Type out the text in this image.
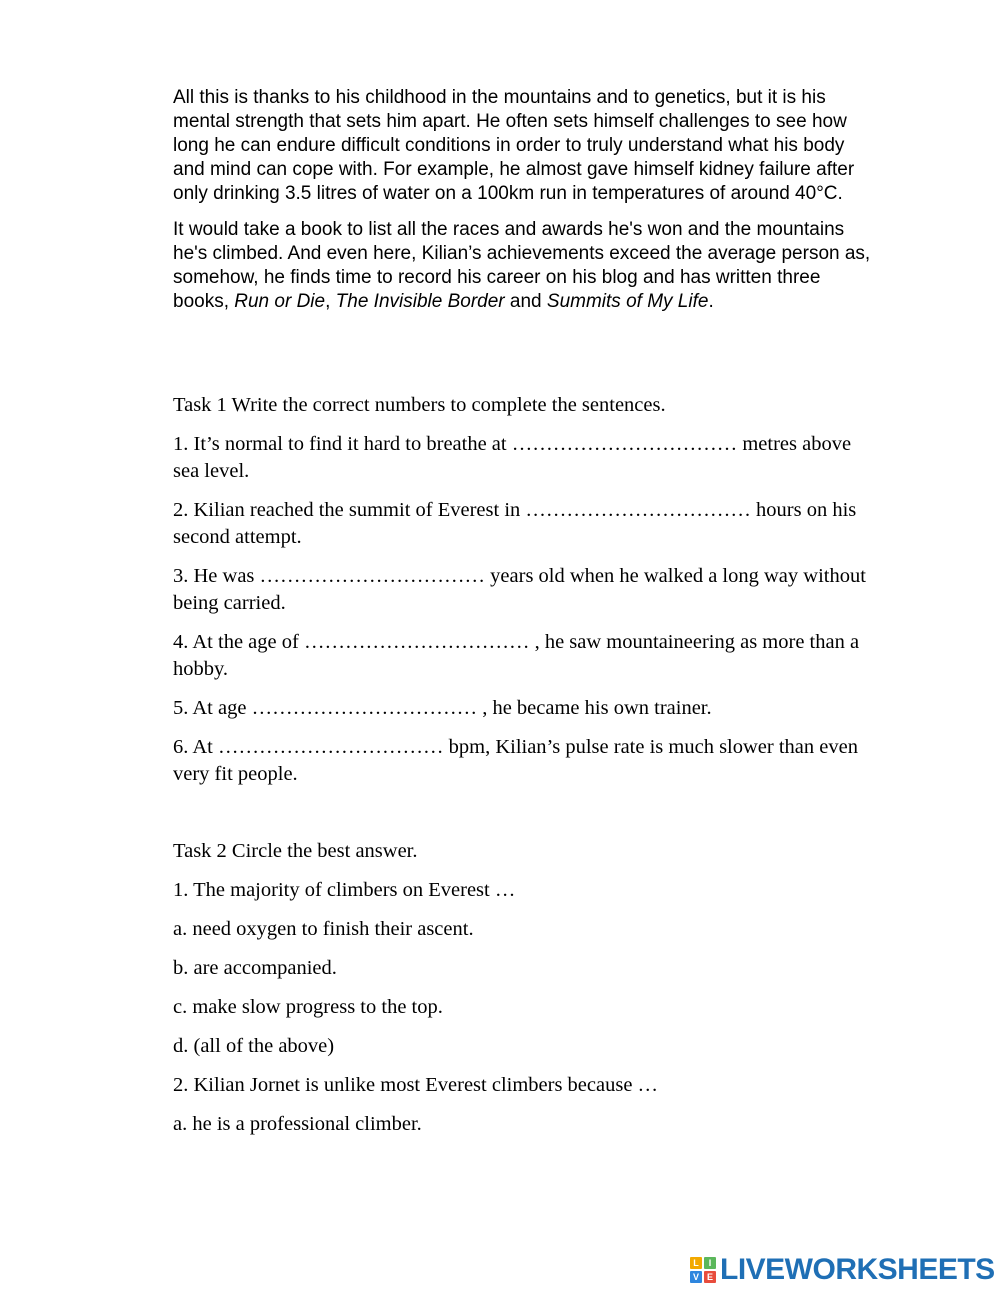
All this is thanks to his childhood in the mountains and to genetics, but it is his mental strength that sets him apart. He often sets himself challenges to see how long he can endure difficult conditions in order to truly understand what his body and mind can cope with. For example, he almost gave himself kidney failure after only drinking 3.5 litres of water on a 100km run in temperatures of around 40°C.

It would take a book to list all the races and awards he's won and the mountains he's climbed. And even here, Kilian’s achievements exceed the average person as, somehow, he finds time to record his career on his blog and has written three books, Run or Die, The Invisible Border and Summits of My Life.

Task 1 Write the correct numbers to complete the sentences.

1. It’s normal to find it hard to breathe at …………………………… metres above sea level.

2. Kilian reached the summit of Everest in …………………………… hours on his second attempt.

3. He was …………………………… years old when he walked a long way without being carried.

4. At the age of …………………………… , he saw mountaineering as more than a hobby.

5. At age …………………………… , he became his own trainer.

6. At …………………………… bpm, Kilian’s pulse rate is much slower than even very fit people.

Task 2 Circle the best answer.

1. The majority of climbers on Everest …

a. need oxygen to finish their ascent.

b. are accompanied.

c. make slow progress to the top.

d. (all of the above)

2. Kilian Jornet is unlike most Everest climbers because …

a. he is a professional climber.

L	I
V E LIVEWORKSHEETS
